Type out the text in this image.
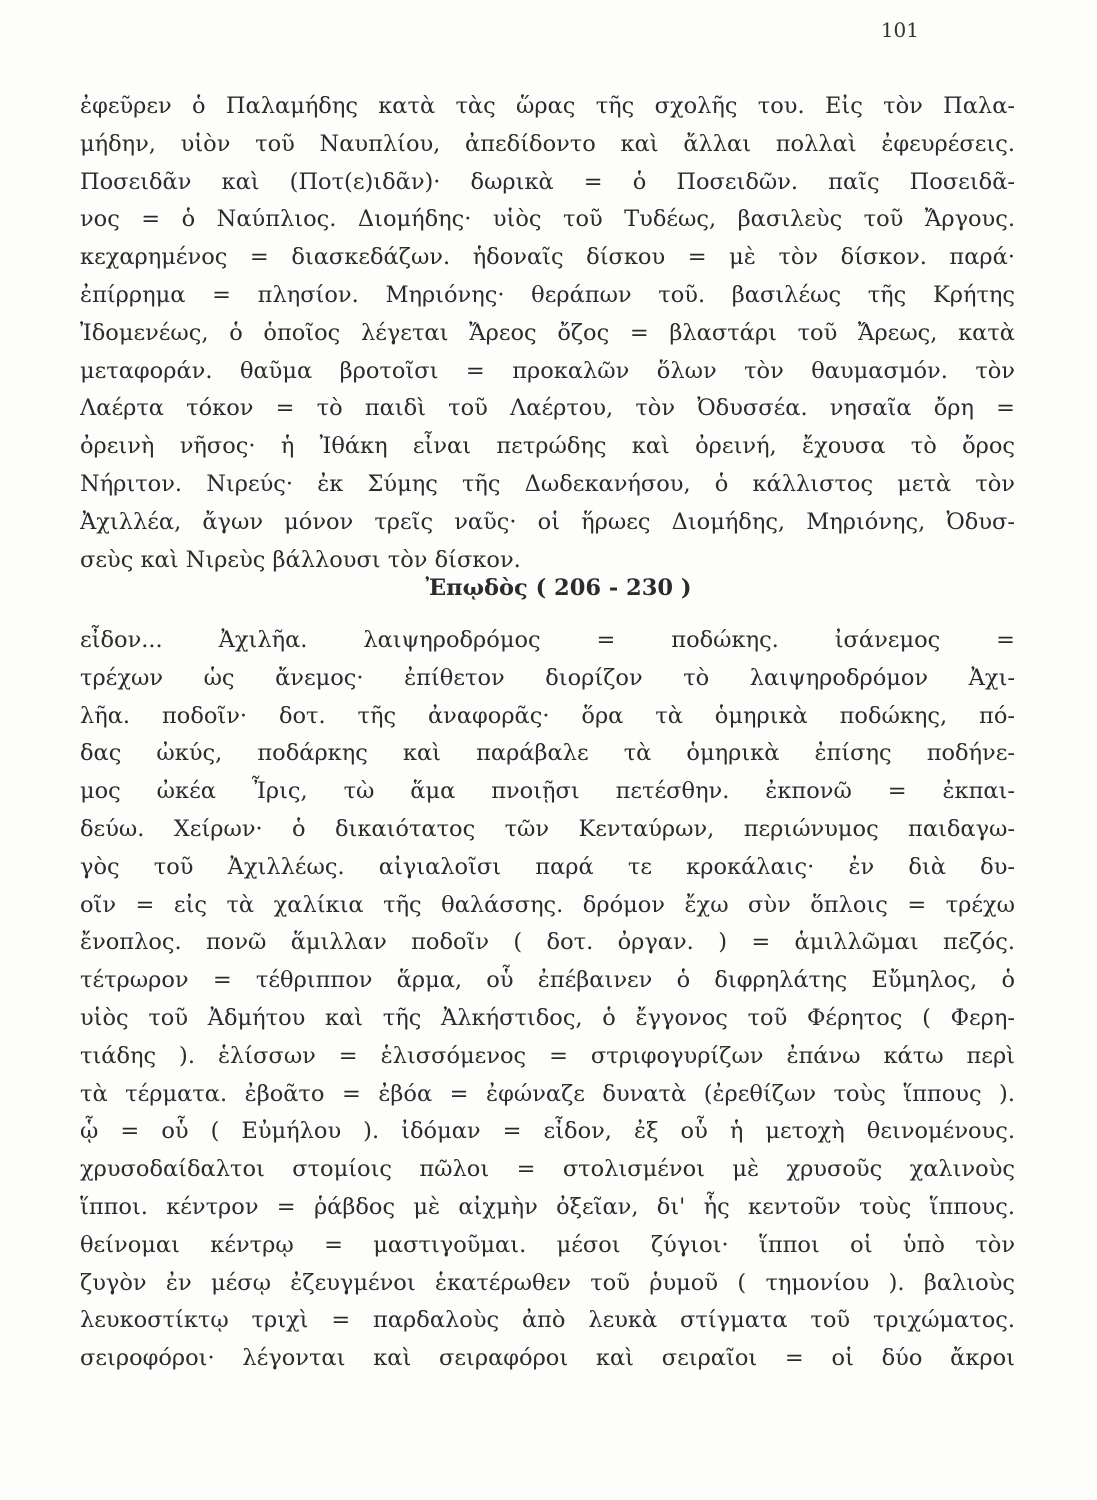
101
ἐφεῦρεν ὁ Παλαμήδης κατὰ τὰς ὥρας τῆς σχολῆς του. Εἰς τὸν Παλα-
μήδην, υἱὸν τοῦ Ναυπλίου, ἀπεδίδοντο καὶ ἄλλαι πολλαὶ ἐφευρέσεις.
Ποσειδᾶν καὶ (Ποτ(ε)ιδᾶν)· δωρικὰ = ὁ Ποσειδῶν. παῖς Ποσειδᾶ-
νος = ὁ Ναύπλιος. Διομήδης· υἱὸς τοῦ Τυδέως, βασιλεὺς τοῦ Ἄργους.
κεχαρημένος = διασκεδάζων. ἡδοναῖς δίσκου = μὲ τὸν δίσκον. παρά·
ἐπίρρημα = πλησίον. Μηριόνης· θεράπων τοῦ. βασιλέως τῆς Κρήτης
Ἰδομενέως, ὁ ὁποῖος λέγεται Ἄρεος ὄζος = βλαστάρι τοῦ Ἄρεως, κατὰ
μεταφοράν. θαῦμα βροτοῖσι = προκαλῶν ὅλων τὸν θαυμασμόν. τὸν
Λαέρτα τόκον = τὸ παιδὶ τοῦ Λαέρτου, τὸν Ὀδυσσέα. νησαῖα ὄρη =
ὀρεινὴ νῆσος· ἡ Ἰθάκη εἶναι πετρώδης καὶ ὀρεινή, ἔχουσα τὸ ὄρος
Νήριτον. Νιρεύς· ἐκ Σύμης τῆς Δωδεκανήσου, ὁ κάλλιστος μετὰ τὸν
Ἀχιλλέα, ἄγων μόνον τρεῖς ναῦς· οἱ ἥρωες Διομήδης, Μηριόνης, Ὀδυσ-
σεὺς καὶ Νιρεὺς βάλλουσι τὸν δίσκον.
Ἐπῳδὸς ( 206 - 230 )
εἶδον... Ἀχιλῆα. λαιψηροδρόμος = ποδώκης. ἰσάνεμος =
τρέχων ὡς ἄνεμος· ἐπίθετον διορίζον τὸ λαιψηροδρόμον Ἀχι-
λῆα. ποδοῖν· δοτ. τῆς ἀναφορᾶς· ὅρα τὰ ὁμηρικὰ ποδώκης, πό-
δας ὠκύς, ποδάρκης καὶ παράβαλε τὰ ὁμηρικὰ ἐπίσης ποδήνε-
μος ὠκέα Ἶρις, τὼ ἅμα πνοιῇσι πετέσθην. ἐκπονῶ = ἐκπαι-
δεύω. Χείρων· ὁ δικαιότατος τῶν Κενταύρων, περιώνυμος παιδαγω-
γὸς τοῦ Ἀχιλλέως. αἰγιαλοῖσι παρά τε κροκάλαις· ἐν διὰ δυ-
οῖν = εἰς τὰ χαλίκια τῆς θαλάσσης. δρόμον ἔχω σὺν ὅπλοις = τρέχω
ἔνοπλος. πονῶ ἅμιλλαν ποδοῖν ( δοτ. ὀργαν. ) = ἁμιλλῶμαι πεζός.
τέτρωρον = τέθριππον ἅρμα, οὗ ἐπέβαινεν ὁ διφρηλάτης Εὔμηλος, ὁ
υἱὸς τοῦ Ἀδμήτου καὶ τῆς Ἀλκήστιδος, ὁ ἔγγονος τοῦ Φέρητος ( Φερη-
τιάδης ). ἑλίσσων = ἑλισσόμενος = στριφογυρίζων ἐπάνω κάτω περὶ
τὰ τέρματα. ἐβοᾶτο = ἐβόα = ἐφώναζε δυνατὰ (ἐρεθίζων τοὺς ἵππους ).
ᾧ = οὗ ( Εὐμήλου ). ἰδόμαν = εἶδον, ἐξ οὗ ἡ μετοχὴ θεινομένους.
χρυσοδαίδαλτοι στομίοις πῶλοι = στολισμένοι μὲ χρυσοῦς χαλινοὺς
ἵπποι. κέντρον = ῥάβδος μὲ αἰχμὴν ὀξεῖαν, δι' ἧς κεντοῦν τοὺς ἵππους.
θείνομαι κέντρῳ = μαστιγοῦμαι. μέσοι ζύγιοι· ἵπποι οἱ ὑπὸ τὸν
ζυγὸν ἐν μέσῳ ἐζευγμένοι ἑκατέρωθεν τοῦ ῥυμοῦ ( τημονίου ). βαλιοὺς
λευκοστίκτῳ τριχὶ = παρδαλοὺς ἀπὸ λευκὰ στίγματα τοῦ τριχώματος.
σειροφόροι· λέγονται καὶ σειραφόροι καὶ σειραῖοι = οἱ δύο ἄκροι
